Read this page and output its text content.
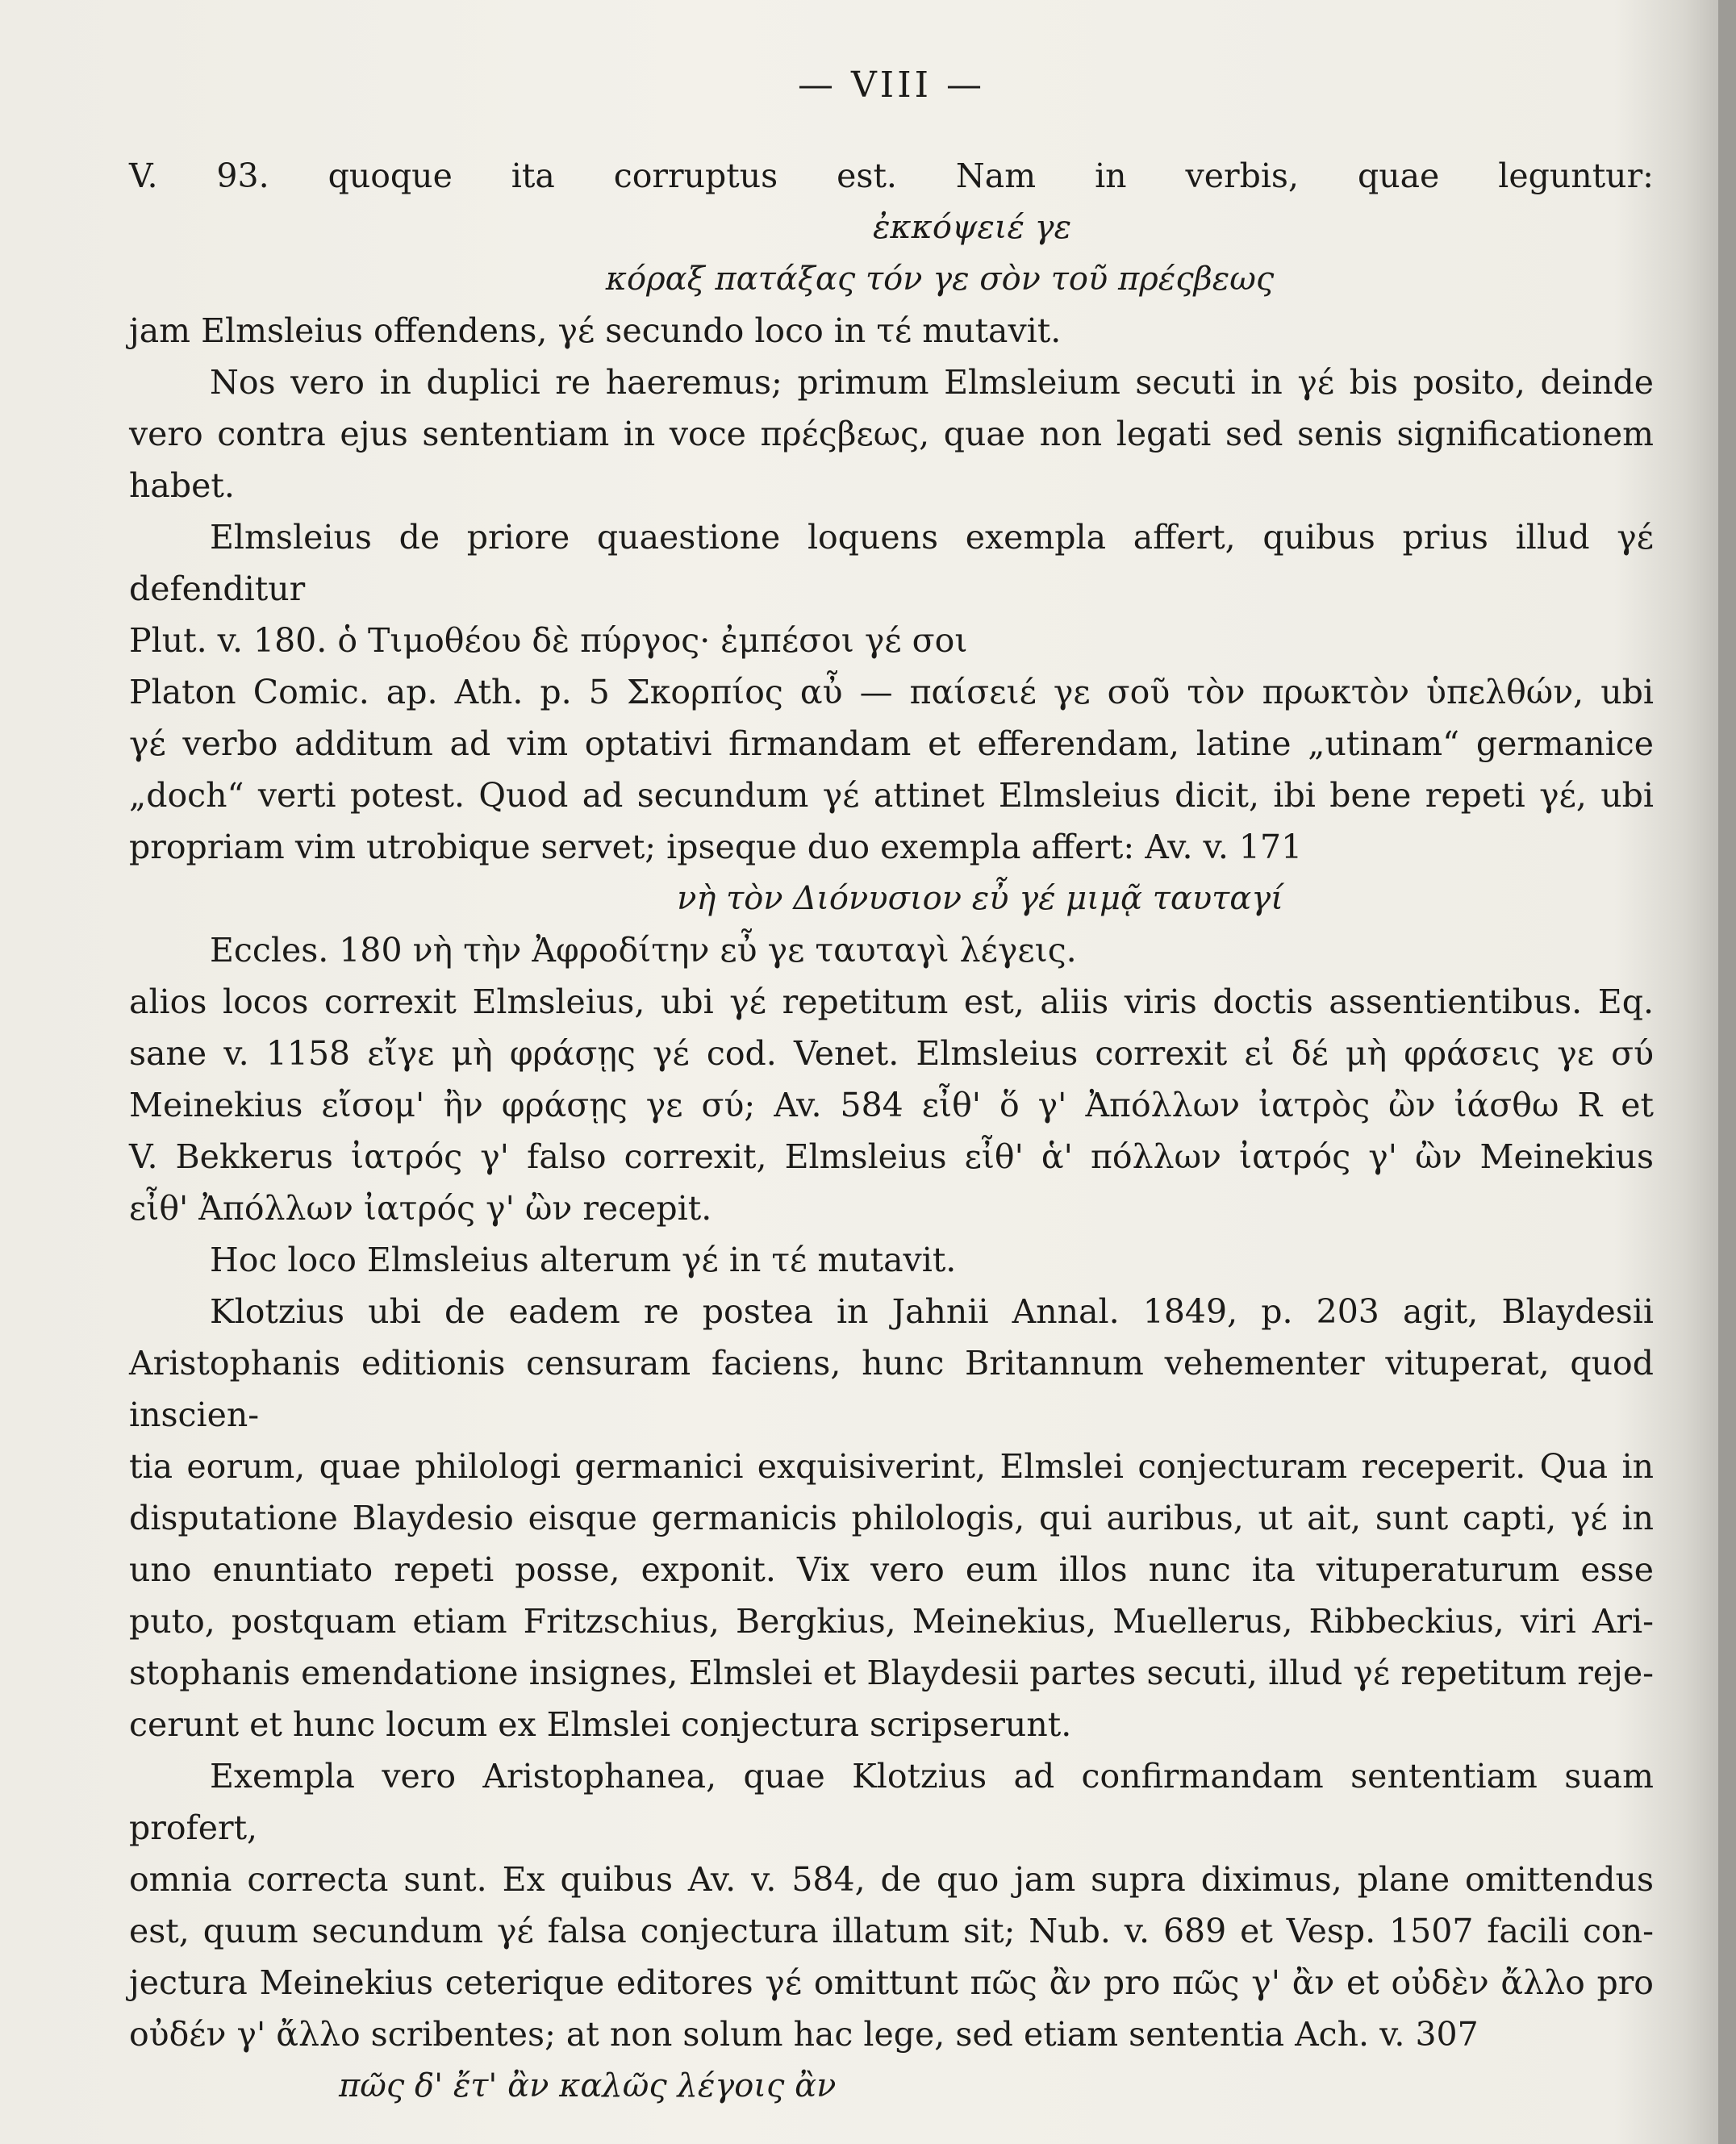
— VIII —

V. 93. quoque ita corruptus est. Nam in verbis, quae leguntur:

ἐκκόψειέ γε

κόραξ πατάξας τόν γε σὸν τοῦ πρέςβεως

jam Elmsleius offendens, γέ secundo loco in τέ mutavit.

Nos vero in duplici re haeremus; primum Elmsleium secuti in γέ bis posito, deinde

vero contra ejus sententiam in voce πρέςβεως, quae non legati sed senis significationem habet.

Elmsleius de priore quaestione loquens exempla affert, quibus prius illud γέ defenditur

Plut. v. 180. ὁ Τιμοθέου δὲ πύργος· ἐμπέσοι γέ σοι

Platon Comic. ap. Ath. p. 5 Σκορπίος αὖ — παίσειέ γε σοῦ τὸν πρωκτὸν ὑπελθών, ubi

γέ verbo additum ad vim optativi firmandam et efferendam, latine „utinam“ germanice

„doch“ verti potest. Quod ad secundum γέ attinet Elmsleius dicit, ibi bene repeti γέ, ubi

propriam vim utrobique servet; ipseque duo exempla affert: Av. v. 171

νὴ τὸν Διόνυσιον εὖ γέ μιμᾷ ταυταγί

Eccles. 180 νὴ τὴν Ἀφροδίτην εὖ γε ταυταγὶ λέγεις.

alios locos correxit Elmsleius, ubi γέ repetitum est, aliis viris doctis assentientibus. Eq.

sane v. 1158 εἴγε μὴ φράσῃς γέ cod. Venet. Elmsleius correxit εἰ δέ μὴ φράσεις γε σύ

Meinekius εἴσομ' ἢν φράσῃς γε σύ; Av. 584 εἶθ' ὅ γ' Ἀπόλλων ἰατρὸς ὢν ἰάσθω R et

V. Bekkerus ἰατρός γ' falso correxit, Elmsleius εἶθ' ἁ' πόλλων ἰατρός γ' ὢν Meinekius

εἶθ' Ἀπόλλων ἰατρός γ' ὢν recepit.

Hoc loco Elmsleius alterum γέ in τέ mutavit.

Klotzius ubi de eadem re postea in Jahnii Annal. 1849, p. 203 agit, Blaydesii

Aristophanis editionis censuram faciens, hunc Britannum vehementer vituperat, quod inscien-

tia eorum, quae philologi germanici exquisiverint, Elmslei conjecturam receperit. Qua in

disputatione Blaydesio eisque germanicis philologis, qui auribus, ut ait, sunt capti, γέ in

uno enuntiato repeti posse, exponit. Vix vero eum illos nunc ita vituperaturum esse

puto, postquam etiam Fritzschius, Bergkius, Meinekius, Muellerus, Ribbeckius, viri Ari-

stophanis emendatione insignes, Elmslei et Blaydesii partes secuti, illud γέ repetitum reje-

cerunt et hunc locum ex Elmslei conjectura scripserunt.

Exempla vero Aristophanea, quae Klotzius ad confirmandam sententiam suam profert,

omnia correcta sunt. Ex quibus Av. v. 584, de quo jam supra diximus, plane omittendus

est, quum secundum γέ falsa conjectura illatum sit; Nub. v. 689 et Vesp. 1507 facili con-

jectura Meinekius ceterique editores γέ omittunt πῶς ἂν pro πῶς γ' ἂν et οὐδὲν ἄλλο pro

οὐδέν γ' ἄλλο scribentes; at non solum hac lege, sed etiam sententia Ach. v. 307

πῶς δ' ἔτ' ἂν καλῶς λέγοις ἂν
